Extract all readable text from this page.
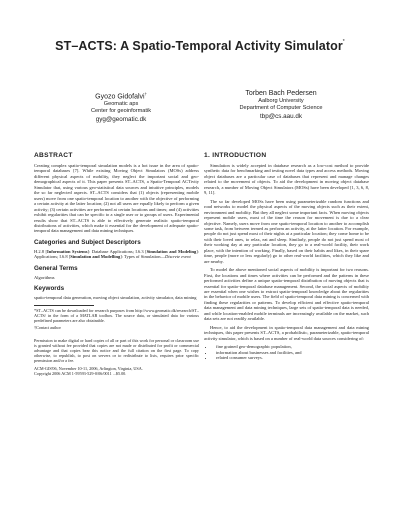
ST–ACTS: A Spatio-Temporal Activity Simulator*
Gyozo Gidofalvi†
Geomatic aps
Center for geoinformatik
gyg@geomatic.dk
Torben Bach Pedersen
Aalborg University
Department of Computer Science
tbp@cs.aau.dk
ABSTRACT

Creating complex spatio-temporal simulation models is a hot issue in the area of spatio-temporal databases [7]. While existing Moving Object Simulators (MOSs) address different physical aspects of mobility, they neglect the important social and geo-demographical aspects of it. This paper presents ST–ACTS, a Spatio-Temporal ACTivity Simulator that, using various geo-statistical data sources and intuitive principles, models the so far neglected aspects. ST–ACTS considers that (1) objects (representing mobile users) move from one spatio-temporal location to another with the objective of performing a certain activity at the latter location; (2) not all users are equally likely to perform a given activity; (3) certain activities are performed at certain locations and times; and (4) activities exhibit regularities that can be specific to a single user or to groups of users. Experimental results show that ST–ACTS is able to effectively generate realistic spatio-temporal distributions of activities, which make it essential for the development of adequate spatio-temporal data management and data mining techniques.

Categories and Subject Descriptors

H.2.8 [Information Systems]: Database Applications; I.6.3 [Simulation and Modeling]: Applications; I.6.8 [Simulation and Modelling]: Types of Simulation—Discrete event

General Terms

Algorithms

Keywords

spatio-temporal data generation, moving object simulation, activity simulator, data mining

*ST–ACTS can be downloaded for research purposes from http://www.geomatic.dk/research/ST–ACTS/ in the form of a MATLAB toolbox. The source data, or simulated data for various predefined parameters are also obtainable.

†Contact author

Permission to make digital or hard copies of all or part of this work for personal or classroom use is granted without fee provided that copies are not made or distributed for profit or commercial advantage and that copies bear this notice and the full citation on the first page. To copy otherwise, to republish, to post on servers or to redistribute to lists, requires prior specific permission and/or a fee.

ACM-GIS'06, November 10-11, 2006, Arlington, Virginia, USA.

Copyright 2006 ACM 1-59593-529-0/06/0011 ...$5.00.

1. INTRODUCTION

Simulation is widely accepted in database research as a low-cost method to provide synthetic data for benchmarking and testing novel data types and access methods. Moving object databases are a particular case of databases that represent and manage changes related to the movement of objects. To aid the development in moving object database research, a number of Moving Object Simulators (MOSs) have been developed [1, 3, 6, 8, 9, 11].

The so far developed MOSs have been using parameterizable random functions and road networks to model the physical aspects of the moving objects such as their extent, environment and mobility. But they all neglect some important facts. When moving objects represent mobile users, most of the time the reason for movement is due to a clear objective. Namely, users move from one spatio-temporal location to another to accomplish some task, from between termed as perform an activity, at the latter location. For example, people do not just spend most of their nights at a particular location; they come home to be with their loved ones, to relax, eat and sleep. Similarly, people do not just spend most of their working day at any particular location, they go to a real-world facility, their work place, with the intention of working. Finally, based on their habits and likes, in their spare time, people (more or less regularly) go to other real-world facilities, which they like and are nearby.

To model the above mentioned social aspects of mobility is important for two reasons. First, the locations and times where activities can be performed and the patterns in these performed activities define a unique spatio-temporal distribution of moving objects that is essential for spatio-temporal database management. Second, the social aspects of mobility are essential when one wishes to extract spatio-temporal knowledge about the regularities in the behavior of mobile users. The field of spatio-temporal data mining is concerned with finding these regularities or patterns. To develop efficient and effective spatio-temporal data management and data mining techniques, large sets of spatio-temporal data is needed, and while location-enabled mobile terminals are increasingly available on the market, such data sets are not readily available.

Hence, to aid the development in spatio-temporal data management and data mining techniques, this paper presents ST–ACTS, a probabilistic, parameterizable, spatio-temporal activity simulator, which is based on a number of real-world data sources considering of:

• fine grained geo-demographic population,
• information about businesses and facilities, and
• related consumer surveys.
